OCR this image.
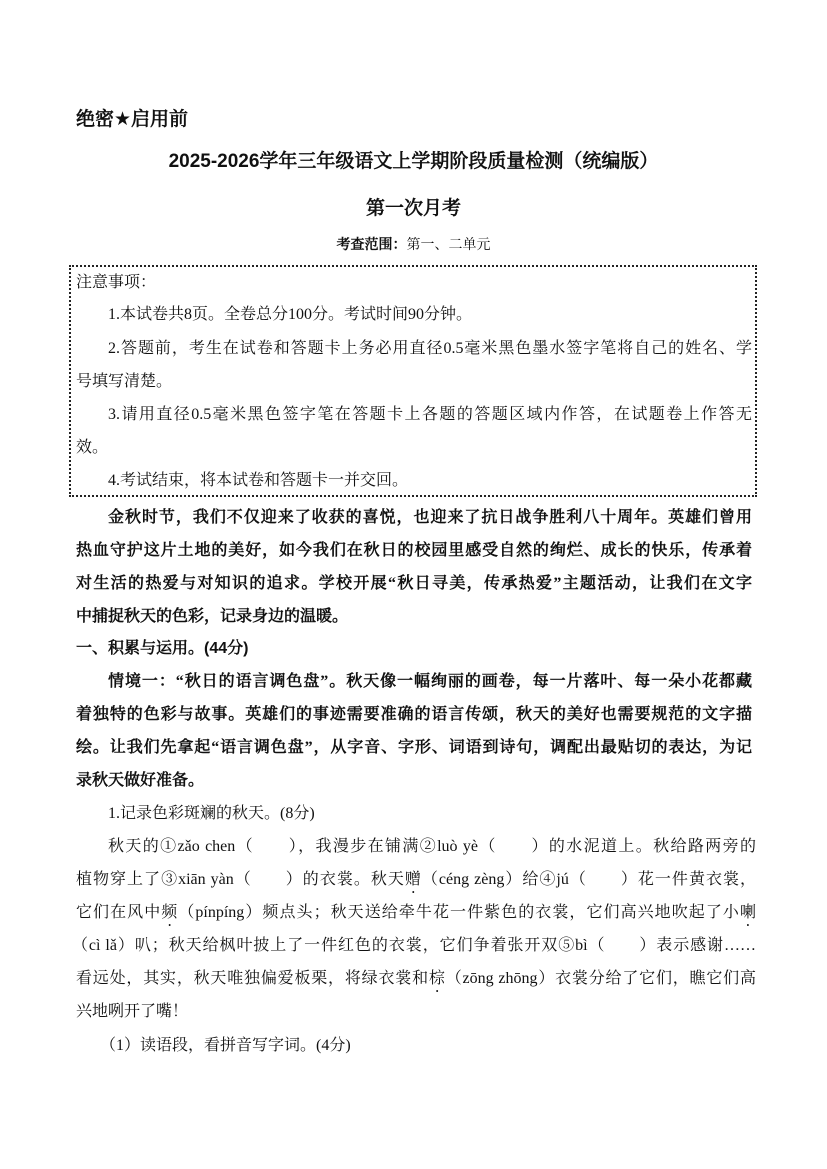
绝密★启用前
2025-2026学年三年级语文上学期阶段质量检测（统编版）
第一次月考
考查范围：第一、二单元
注意事项：
1.本试卷共8页。全卷总分100分。考试时间90分钟。
2.答题前，考生在试卷和答题卡上务必用直径0.5毫米黑色墨水签字笔将自己的姓名、学
号填写清楚。
3.请用直径0.5毫米黑色签字笔在答题卡上各题的答题区域内作答，在试题卷上作答无
效。
4.考试结束，将本试卷和答题卡一并交回。
金秋时节，我们不仅迎来了收获的喜悦，也迎来了抗日战争胜利八十周年。英雄们曾用
热血守护这片土地的美好，如今我们在秋日的校园里感受自然的绚烂、成长的快乐，传承着
对生活的热爱与对知识的追求。学校开展“秋日寻美，传承热爱”主题活动，让我们在文字
中捕捉秋天的色彩，记录身边的温暖。
一、积累与运用。(44分)
情境一：“秋日的语言调色盘”。秋天像一幅绚丽的画卷，每一片落叶、每一朵小花都藏
着独特的色彩与故事。英雄们的事迹需要准确的语言传颂，秋天的美好也需要规范的文字描
绘。让我们先拿起“语言调色盘”，从字音、字形、词语到诗句，调配出最贴切的表达，为记
录秋天做好准备。
1.记录色彩斑斓的秋天。(8分)
秋天的①zǎo chen（　　），我漫步在铺满②luò yè（　　）的水泥道上。秋给路两旁的
植物穿上了③xiān yàn（　　）的衣裳。秋天赠（céng zèng）给④jú（　　）花一件黄衣裳，
它们在风中频（pínpíng）频点头；秋天送给牵牛花一件紫色的衣裳，它们高兴地吹起了小喇
（cì lǎ）叭；秋天给枫叶披上了一件红色的衣裳，它们争着张开双⑤bì（　　）表示感谢……
看远处，其实，秋天唯独偏爱板栗，将绿衣裳和棕（zōng zhōng）衣裳分给了它们，瞧它们高
兴地咧开了嘴！
（1）读语段，看拼音写字词。(4分)
